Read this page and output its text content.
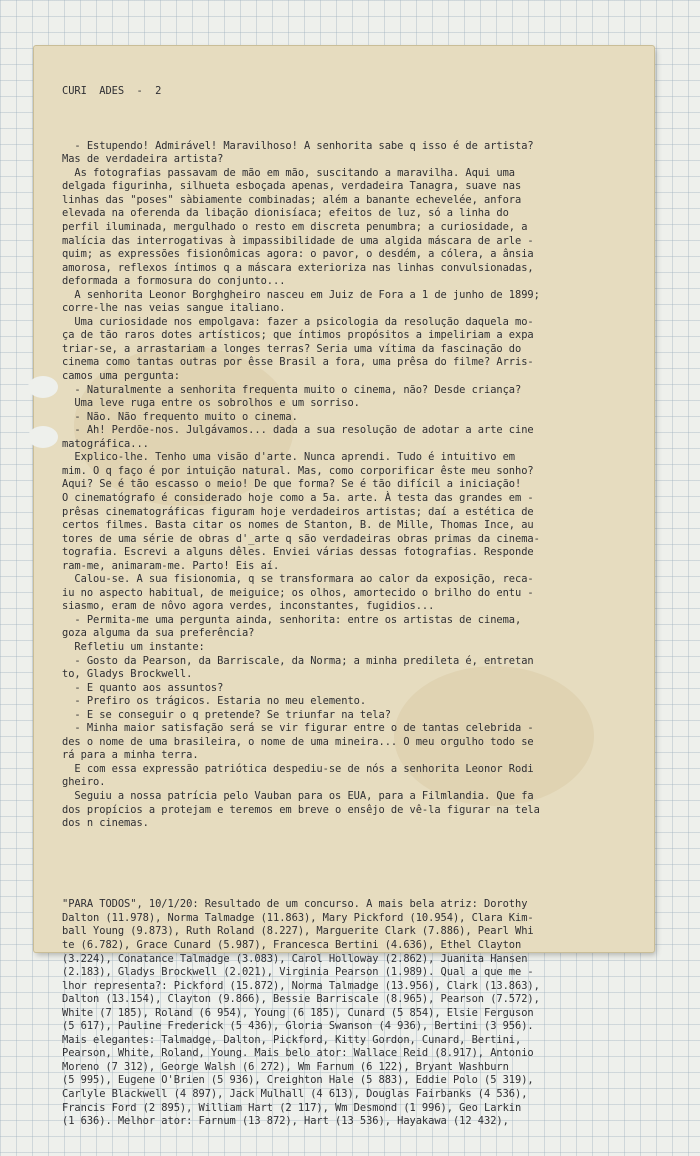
CURI  ADES  -  2

- Estupendo! Admirável! Maravilhoso! A senhorita sabe q isso é de artista?
Mas de verdadeira artista?
As fotografias passavam de mão em mão, suscitando a maravilha. Aqui uma
delgada figurinha, silhueta esboçada apenas, verdadeira Tanagra, suave nas
linhas das "poses" sàbiamente combinadas; além a banante echevelée, anfora
elevada na oferenda da libação dionisíaca; efeitos de luz, só a linha do
perfil iluminada, mergulhado o resto em discreta penumbra; a curiosidade, a
malícia das interrogativas à impassibilidade de uma algida máscara de arle -
quim; as expressões fisionômicas agora: o pavor, o desdém, a cólera, a ânsia
amorosa, reflexos íntimos q a máscara exterioriza nas linhas convulsionadas,
deformada a formosura do conjunto...
A senhorita Leonor Borghgheiro nasceu em Juiz de Fora a 1 de junho de 1899;
corre-lhe nas veias sangue italiano.
Uma curiosidade nos empolgava: fazer a psicologia da resolução daquela mo-
ça de tão raros dotes artísticos; que íntimos propósitos a impeliriam a expa
triar-se, a arrastariam a longes terras? Seria uma vítima da fascinação do
cinema como tantas outras por êsse Brasil a fora, uma prêsa do filme? Arris-
camos uma pergunta:
- Naturalmente a senhorita frequenta muito o cinema, não? Desde criança?
Uma leve ruga entre os sobrolhos e um sorriso.
- Não. Não frequento muito o cinema.
- Ah! Perdõe-nos. Julgávamos... dada a sua resolução de adotar a arte cine
matográfica...
Explico-lhe. Tenho uma visão d'arte. Nunca aprendi. Tudo é intuitivo em
mim. O q faço é por intuição natural. Mas, como corporificar êste meu sonho?
Aqui? Se é tão escasso o meio! De que forma? Se é tão difícil a iniciação!
O cinematógrafo é considerado hoje como a 5a. arte. À testa das grandes em -
prêsas cinematográficas figuram hoje verdadeiros artistas; daí a estética de
certos filmes. Basta citar os nomes de Stanton, B. de Mille, Thomas Ince, au
tores de uma série de obras d'_arte q são verdadeiras obras primas da cinema-
tografia. Escrevi a alguns dêles. Enviei várias dessas fotografias. Responde
ram-me, animaram-me. Parto! Eis aí.
Calou-se. A sua fisionomia, q se transformara ao calor da exposição, reca-
iu no aspecto habitual, de meiguice; os olhos, amortecido o brilho do entu -
siasmo, eram de nôvo agora verdes, inconstantes, fugidios...
- Permita-me uma pergunta ainda, senhorita: entre os artistas de cinema,
goza alguma da sua preferência?
Refletiu um instante:
- Gosto da Pearson, da Barriscale, da Norma; a minha predileta é, entretan
to, Gladys Brockwell.
- E quanto aos assuntos?
- Prefiro os trágicos. Estaria no meu elemento.
- E se conseguir o q pretende? Se triunfar na tela?
- Minha maior satisfação será se vir figurar entre o de tantas celebrida -
des o nome de uma brasileira, o nome de uma mineira... O meu orgulho todo se
rá para a minha terra.
E com essa expressão patriótica despediu-se de nós a senhorita Leonor Rodi
gheiro.
Seguiu a nossa patrícia pelo Vauban para os EUA, para a Filmlandia. Que fa
dos propícios a protejam e teremos em breve o ensêjo de vê-la figurar na tela
dos n cinemas.

"PARA TODOS", 10/1/20: Resultado de um concurso. A mais bela atriz: Dorothy
Dalton (11.978), Norma Talmadge (11.863), Mary Pickford (10.954), Clara Kim-
ball Young (9.873), Ruth Roland (8.227), Marguerite Clark (7.886), Pearl Whi
te (6.782), Grace Cunard (5.987), Francesca Bertini (4.636), Ethel Clayton
(3.224), Conatance Talmadge (3.083), Carol Holloway (2.862), Juanita Hansen
(2.183), Gladys Brockwell (2.021), Virginia Pearson (1.989). Qual a que me -
lhor representa?: Pickford (15.872), Norma Talmadge (13.956), Clark (13.863),
Dalton (13.154), Clayton (9.866), Bessie Barriscale (8.965), Pearson (7.572),
White (7 185), Roland (6 954), Young (6 185), Cunard (5 854), Elsie Ferguson
(5 617), Pauline Frederick (5 436), Gloria Swanson (4 936), Bertini (3 956).
Mais elegantes: Talmadge, Dalton, Pickford, Kitty Gordon, Cunard, Bertini,
Pearson, White, Roland, Young. Mais belo ator: Wallace Reid (8.917), Antonio
Moreno (7 312), George Walsh (6 272), Wm Farnum (6 122), Bryant Washburn
(5 995), Eugene O'Brien (5 936), Creighton Hale (5 883), Eddie Polo (5 319),
Carlyle Blackwell (4 897), Jack Mulhall (4 613), Douglas Fairbanks (4 536),
Francis Ford (2 895), William Hart (2 117), Wm Desmond (1 996), Geo Larkin
(1 636). Melhor ator: Farnum (13 872), Hart (13 536), Hayakawa (12 432),
